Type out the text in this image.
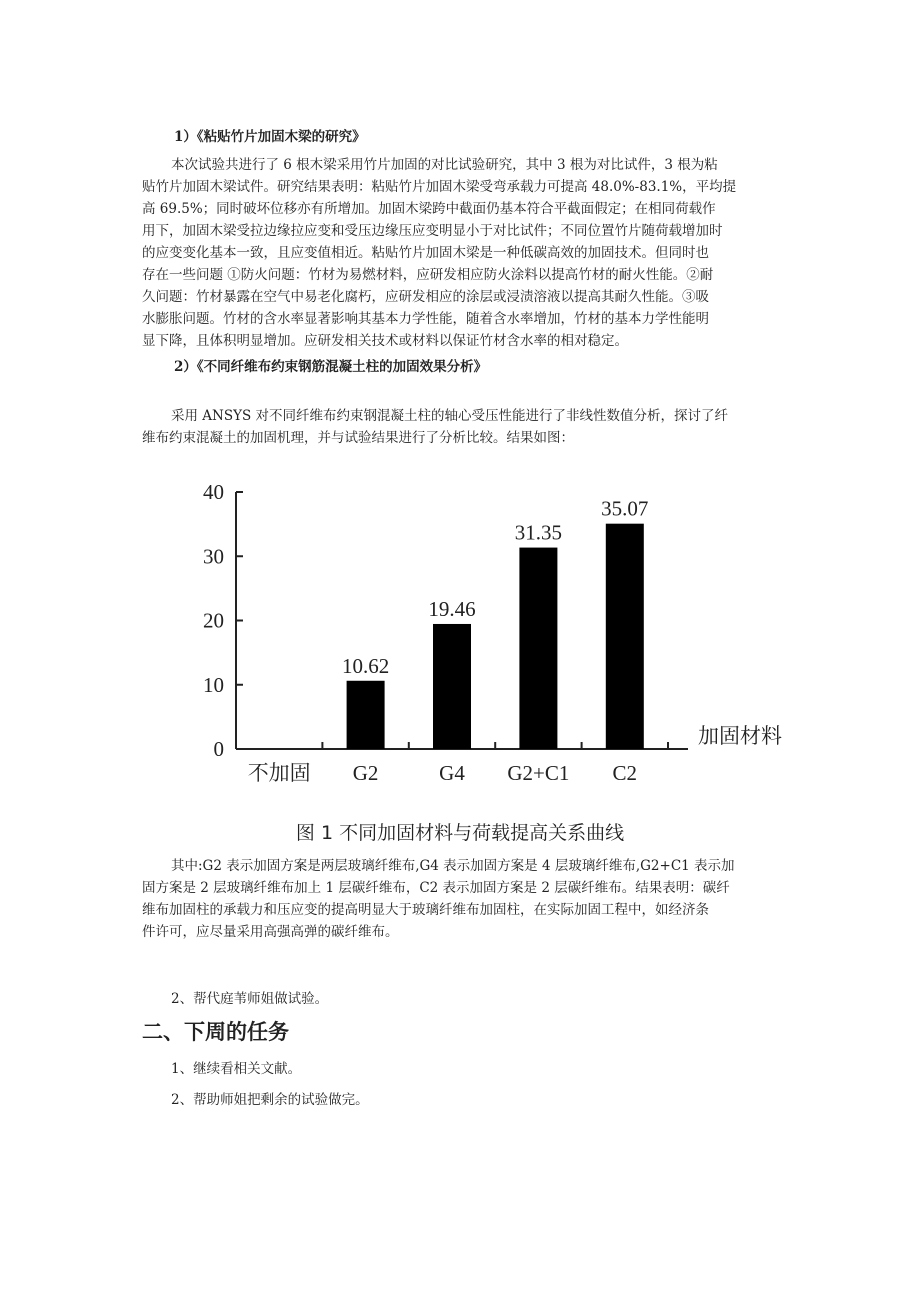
1）《粘贴竹片加固木梁的研究》

本次试验共进行了 6 根木梁采用竹片加固的对比试验研究，其中 3 根为对比试件，3 根为粘
贴竹片加固木梁试件。研究结果表明：粘贴竹片加固木梁受弯承载力可提高 48.0%-83.1%，平均提
高 69.5%；同时破坏位移亦有所增加。加固木梁跨中截面仍基本符合平截面假定；在相同荷载作
用下，加固木梁受拉边缘拉应变和受压边缘压应变明显小于对比试件；不同位置竹片随荷载增加时
的应变变化基本一致，且应变值相近。粘贴竹片加固木梁是一种低碳高效的加固技术。但同时也
存在一些问题 ①防火问题：竹材为易燃材料，应研发相应防火涂料以提高竹材的耐火性能。②耐
久问题：竹材暴露在空气中易老化腐朽，应研发相应的涂层或浸渍溶液以提高其耐久性能。③吸
水膨胀问题。竹材的含水率显著影响其基本力学性能，随着含水率增加，竹材的基本力学性能明
显下降，且体积明显增加。应研发相关技术或材料以保证竹材含水率的相对稳定。

2）《不同纤维布约束钢筋混凝土柱的加固效果分析》

采用 ANSYS 对不同纤维布约束钢混凝土柱的轴心受压性能进行了非线性数值分析，探讨了纤
维布约束混凝土的加固机理，并与试验结果进行了分析比较。结果如图：

0
10
20
30
40
不加固 G2
10.62
G4
19.46
G2+C1
31.35
C2
35.07
加固材料
图 1 不同加固材料与荷载提高关系曲线

其中:G2 表示加固方案是两层玻璃纤维布,G4 表示加固方案是 4 层玻璃纤维布,G2+C1 表示加
固方案是 2 层玻璃纤维布加上 1 层碳纤维布，C2 表示加固方案是 2 层碳纤维布。结果表明：碳纤
维布加固柱的承载力和压应变的提高明显大于玻璃纤维布加固柱，在实际加固工程中，如经济条
件许可，应尽量采用高强高弹的碳纤维布。

2、帮代庭苇师姐做试验。
二、下周的任务
1、继续看相关文献。
2、帮助师姐把剩余的试验做完。
